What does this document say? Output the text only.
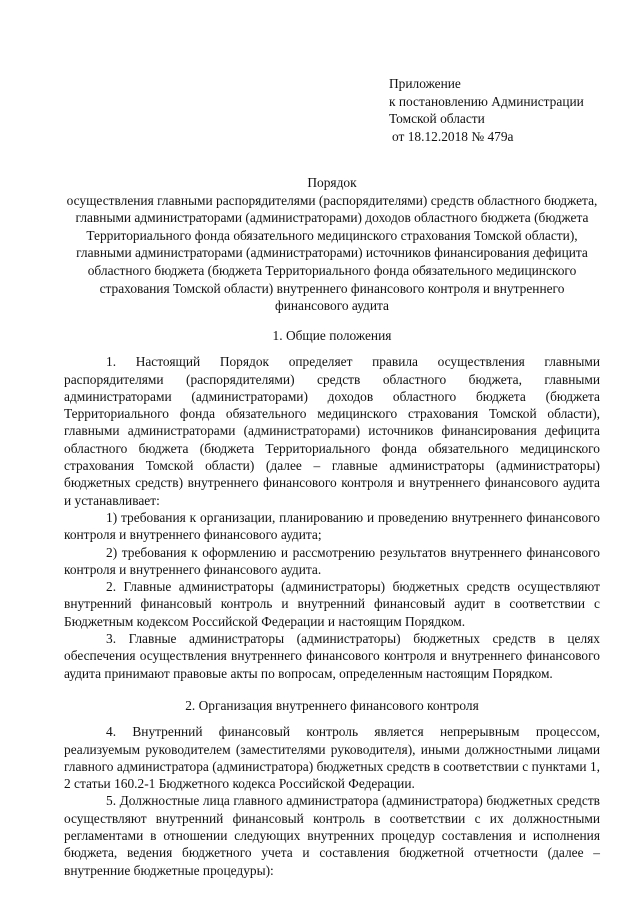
Приложение
к постановлению Администрации
Томской области
от 18.12.2018 № 479а
Порядок
осуществления главными распорядителями (распорядителями) средств областного бюджета, главными администраторами (администраторами) доходов областного бюджета (бюджета Территориального фонда обязательного медицинского страхования Томской области), главными администраторами (администраторами) источников финансирования дефицита областного бюджета (бюджета Территориального фонда обязательного медицинского страхования Томской области) внутреннего финансового контроля и внутреннего финансового аудита
1. Общие положения

1. Настоящий Порядок определяет правила осуществления главными распорядителями (распорядителями) средств областного бюджета, главными администраторами (администраторами) доходов областного бюджета (бюджета Территориального фонда обязательного медицинского страхования Томской области), главными администраторами (администраторами) источников финансирования дефицита областного бюджета (бюджета Территориального фонда обязательного медицинского страхования Томской области) (далее – главные администраторы (администраторы) бюджетных средств) внутреннего финансового контроля и внутреннего финансового аудита и устанавливает:

1) требования к организации, планированию и проведению внутреннего финансового контроля и внутреннего финансового аудита;

2) требования к оформлению и рассмотрению результатов внутреннего финансового контроля и внутреннего финансового аудита.

2. Главные администраторы (администраторы) бюджетных средств осуществляют внутренний финансовый контроль и внутренний финансовый аудит в соответствии с Бюджетным кодексом Российской Федерации и настоящим Порядком.

3. Главные администраторы (администраторы) бюджетных средств в целях обеспечения осуществления внутреннего финансового контроля и внутреннего финансового аудита принимают правовые акты по вопросам, определенным настоящим Порядком.

2. Организация внутреннего финансового контроля

4. Внутренний финансовый контроль является непрерывным процессом, реализуемым руководителем (заместителями руководителя), иными должностными лицами главного администратора (администратора) бюджетных средств в соответствии с пунктами 1, 2 статьи 160.2-1 Бюджетного кодекса Российской Федерации.

5. Должностные лица главного администратора (администратора) бюджетных средств осуществляют внутренний финансовый контроль в соответствии с их должностными регламентами в отношении следующих внутренних процедур составления и исполнения бюджета, ведения бюджетного учета и составления бюджетной отчетности (далее – внутренние бюджетные процедуры):
